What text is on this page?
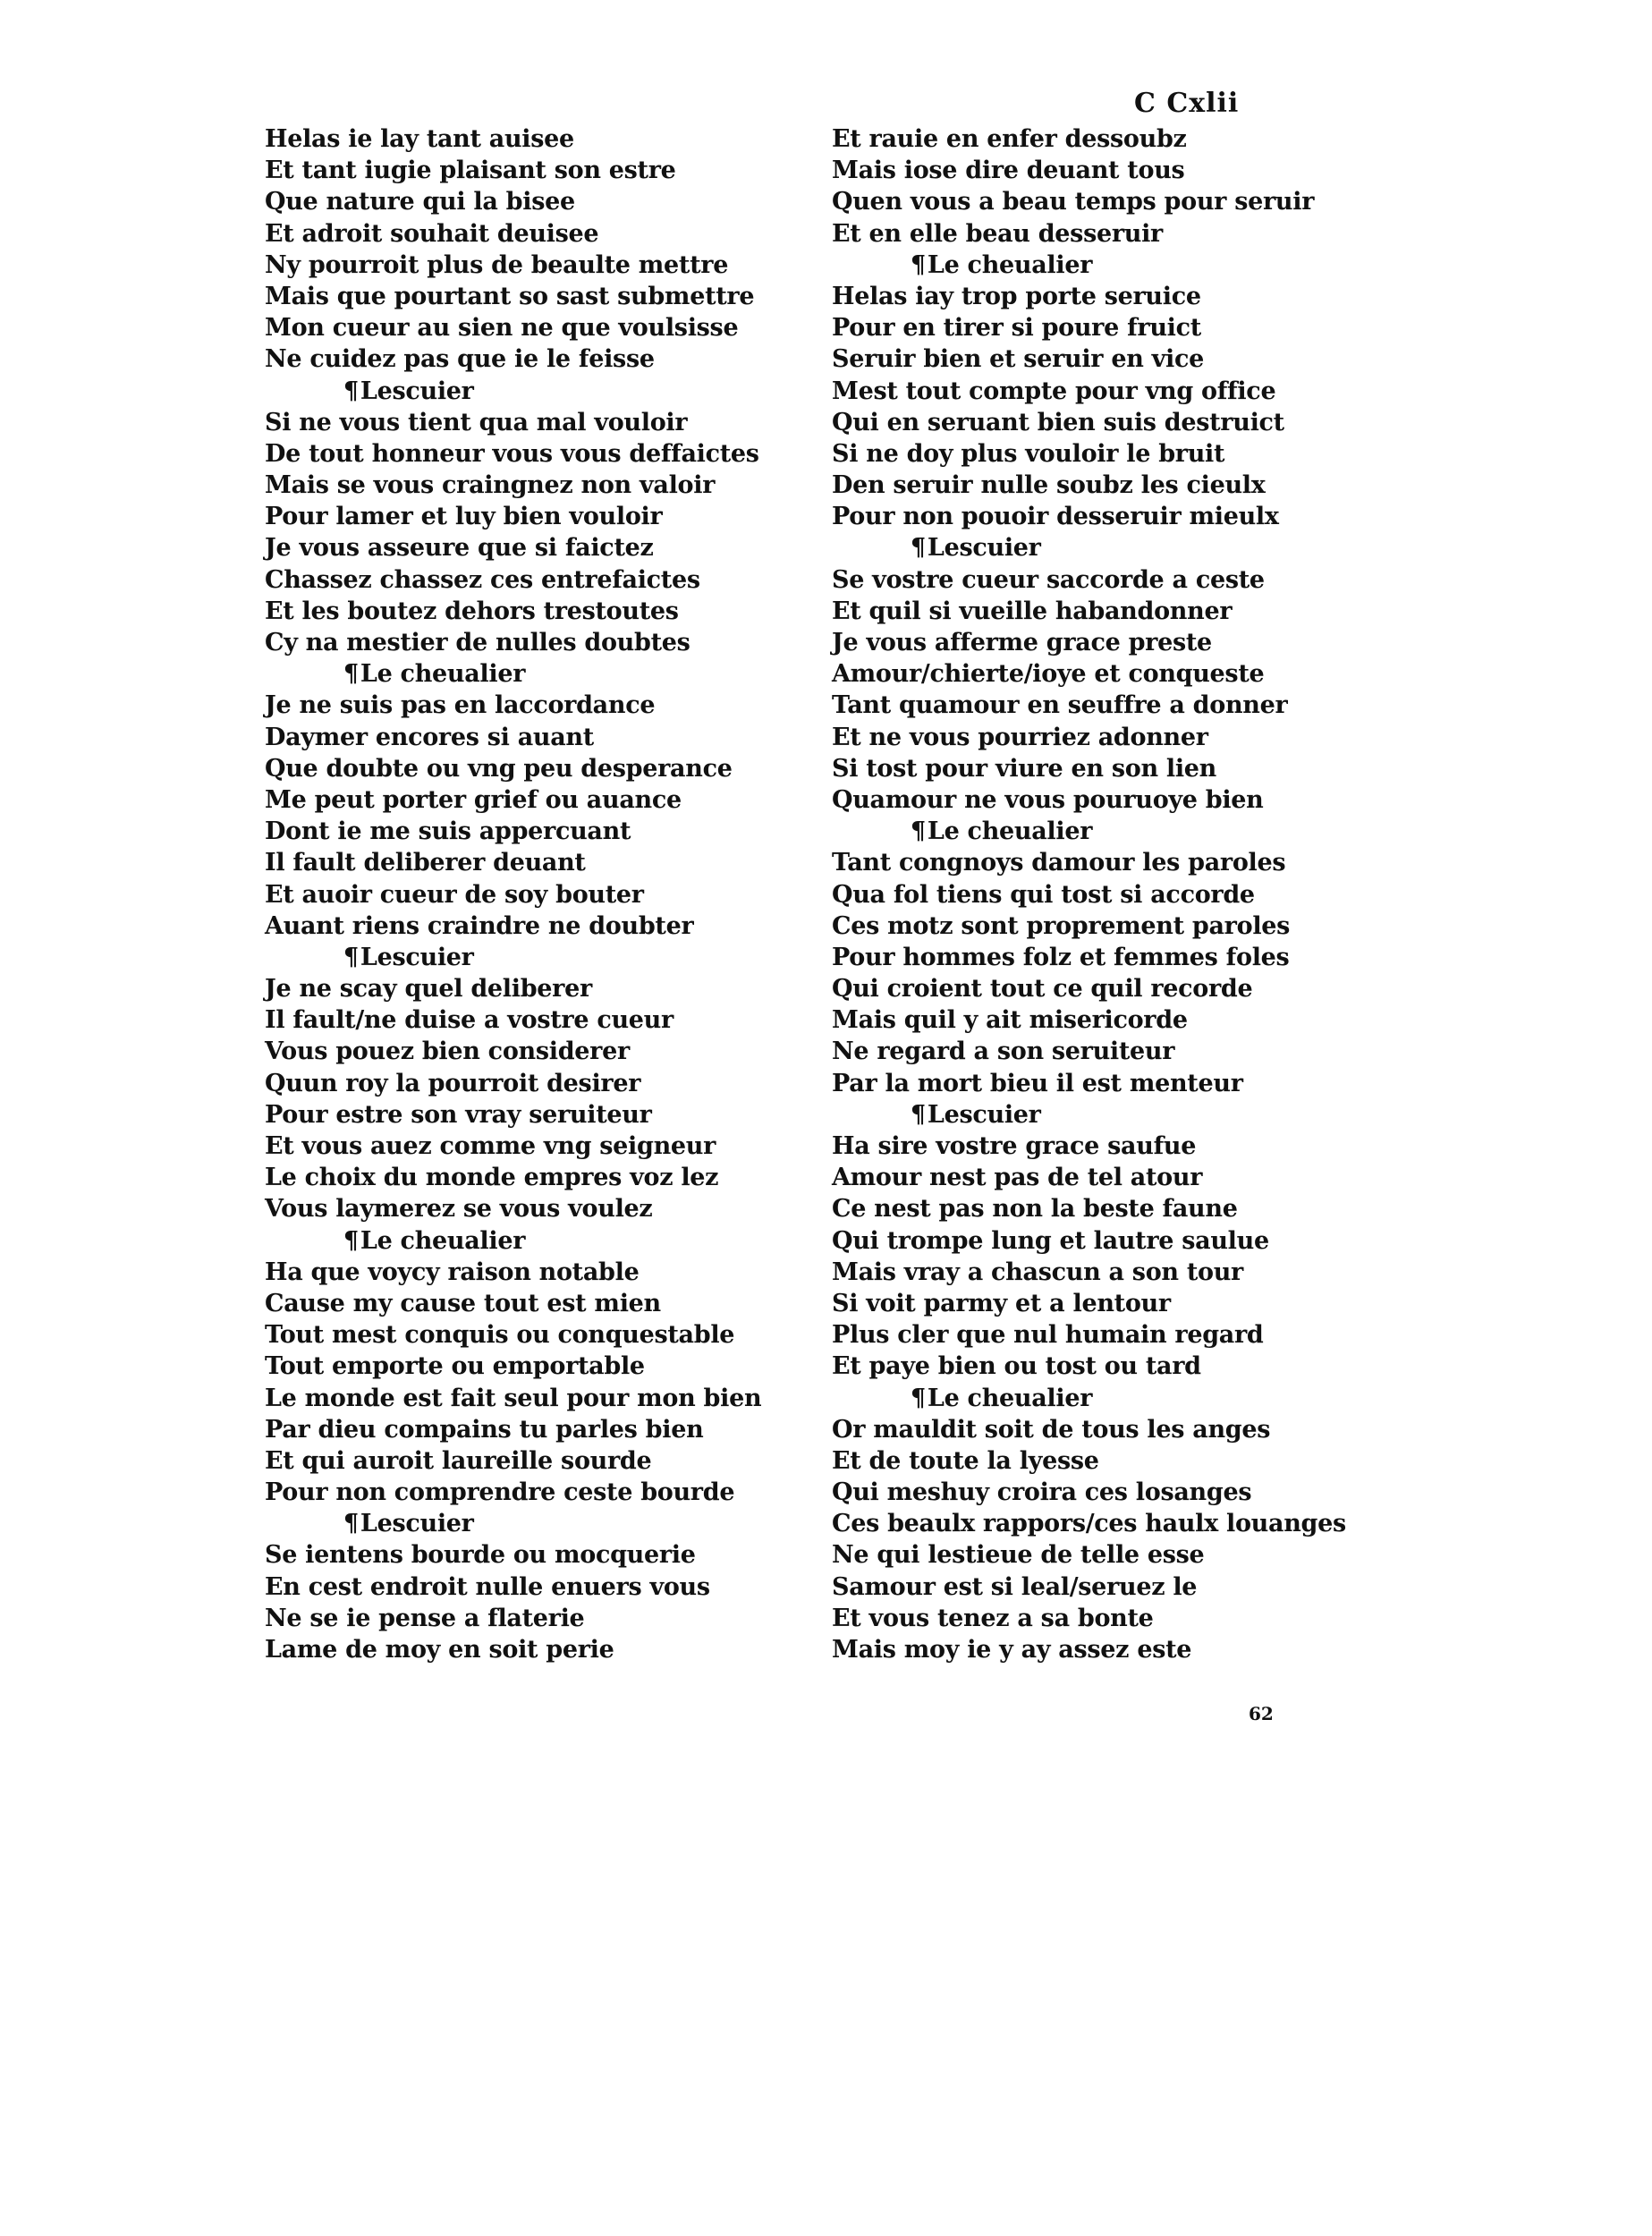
C Cxlii
Helas ie lay tant auisee
Et tant iugie plaisant son estre
Que nature qui la bisee
Et adroit souhait deuisee
Ny pourroit plus de beaulte mettre
Mais que pourtant so sast submettre
Mon cueur au sien ne que voulsisse
Ne cuidez pas que ie le feisse
¶Lescuier
Si ne vous tient qua mal vouloir
De tout honneur vous vous deffaictes
Mais se vous craingnez non valoir
Pour lamer et luy bien vouloir
Je vous asseure que si faictez
Chassez chassez ces entrefaictes
Et les boutez dehors trestoutes
Cy na mestier de nulles doubtes
¶Le cheualier
Je ne suis pas en laccordance
Daymer encores si auant
Que doubte ou vng peu desperance
Me peut porter grief ou auance
Dont ie me suis appercuant
Il fault deliberer deuant
Et auoir cueur de soy bouter
Auant riens craindre ne doubter
¶Lescuier
Je ne scay quel deliberer
Il fault/ne duise a vostre cueur
Vous pouez bien considerer
Quun roy la pourroit desirer
Pour estre son vray seruiteur
Et vous auez comme vng seigneur
Le choix du monde empres voz lez
Vous laymerez se vous voulez
¶Le cheualier
Ha que voycy raison notable
Cause my cause tout est mien
Tout mest conquis ou conquestable
Tout emporte ou emportable
Le monde est fait seul pour mon bien
Par dieu compains tu parles bien
Et qui auroit laureille sourde
Pour non comprendre ceste bourde
¶Lescuier
Se ientens bourde ou mocquerie
En cest endroit nulle enuers vous
Ne se ie pense a flaterie
Lame de moy en soit perie
Et rauie en enfer dessoubz
Mais iose dire deuant tous
Quen vous a beau temps pour seruir
Et en elle beau desseruir
¶Le cheualier
Helas iay trop porte seruice
Pour en tirer si poure fruict
Seruir bien et seruir en vice
Mest tout compte pour vng office
Qui en seruant bien suis destruict
Si ne doy plus vouloir le bruit
Den seruir nulle soubz les cieulx
Pour non pouoir desseruir mieulx
¶Lescuier
Se vostre cueur saccorde a ceste
Et quil si vueille habandonner
Je vous afferme grace preste
Amour/chierte/ioye et conqueste
Tant quamour en seuffre a donner
Et ne vous pourriez adonner
Si tost pour viure en son lien
Quamour ne vous pouruoye bien
¶Le cheualier
Tant congnoys damour les paroles
Qua fol tiens qui tost si accorde
Ces motz sont proprement paroles
Pour hommes folz et femmes foles
Qui croient tout ce quil recorde
Mais quil y ait misericorde
Ne regard a son seruiteur
Par la mort bieu il est menteur
¶Lescuier
Ha sire vostre grace saufue
Amour nest pas de tel atour
Ce nest pas non la beste faune
Qui trompe lung et lautre saulue
Mais vray a chascun a son tour
Si voit parmy et a lentour
Plus cler que nul humain regard
Et paye bien ou tost ou tard
¶Le cheualier
Or mauldit soit de tous les anges
Et de toute la lyesse
Qui meshuy croira ces losanges
Ces beaulx rappors/ces haulx louanges
Ne qui lestieue de telle esse
Samour est si leal/seruez le
Et vous tenez a sa bonte
Mais moy ie y ay assez este
62
